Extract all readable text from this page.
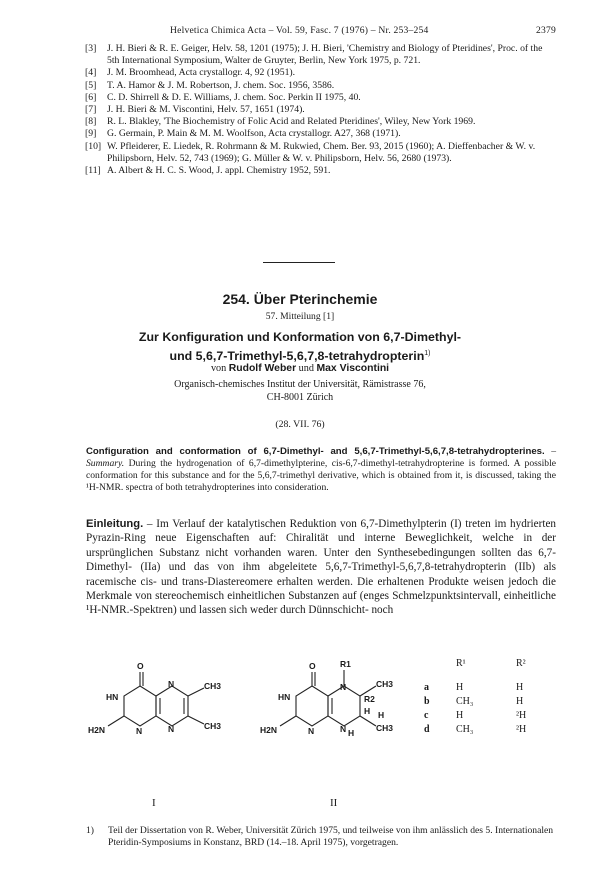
Helvetica Chimica Acta – Vol. 59, Fasc. 7 (1976) – Nr. 253–254	2379
[3] J. H. Bieri & R. E. Geiger, Helv. 58, 1201 (1975); J. H. Bieri, 'Chemistry and Biology of Pteridines', Proc. of the 5th International Symposium, Walter de Gruyter, Berlin, New York 1975, p. 721.
[4] J. M. Broomhead, Acta crystallogr. 4, 92 (1951).
[5] T. A. Hamor & J. M. Robertson, J. chem. Soc. 1956, 3586.
[6] C. D. Shirrell & D. E. Williams, J. chem. Soc. Perkin II 1975, 40.
[7] J. H. Bieri & M. Viscontini, Helv. 57, 1651 (1974).
[8] R. L. Blakley, 'The Biochemistry of Folic Acid and Related Pteridines', Wiley, New York 1969.
[9] G. Germain, P. Main & M. M. Woolfson, Acta crystallogr. A27, 368 (1971).
[10] W. Pfleiderer, E. Liedek, R. Rohrmann & M. Rukwied, Chem. Ber. 93, 2015 (1960); A. Dieffenbacher & W. v. Philipsborn, Helv. 52, 743 (1969); G. Müller & W. v. Philipsborn, Helv. 56, 2680 (1973).
[11] A. Albert & H. C. S. Wood, J. appl. Chemistry 1952, 591.
254. Über Pterinchemie
57. Mitteilung [1]
Zur Konfiguration und Konformation von 6,7-Dimethyl-
und 5,6,7-Trimethyl-5,6,7,8-tetrahydropterin$^{1)}$
von Rudolf Weber und Max Viscontini
Organisch-chemisches Institut der Universität, Rämistrasse 76,
CH-8001 Zürich
(28. VII. 76)
Configuration and conformation of 6,7-Dimethyl- and 5,6,7-Trimethyl-5,6,7,8-tetrahydropterines. – Summary. During the hydrogenation of 6,7-dimethylpterine, cis-6,7-dimethyl-tetrahydropterine is formed. A possible conformation for this substance and for the 5,6,7-trimethyl derivative, which is obtained from it, is discussed, taking the ¹H-NMR. spectra of both tetrahydropterines into consideration.
Einleitung. – Im Verlauf der katalytischen Reduktion von 6,7-Dimethylpterin (I) treten im hydrierten Pyrazin-Ring neue Eigenschaften auf: Chiralität und interne Beweglichkeit, welche in der ursprünglichen Substanz nicht vorhanden waren. Unter den Synthesebedingungen sollten das 6,7-Dimethyl- (IIa) und das von ihm abgeleitete 5,6,7-Trimethyl-5,6,7,8-tetrahydropterin (IIb) als racemische cis- und trans-Diastereomere erhalten werden. Die erhaltenen Produkte weisen jedoch die Merkmale von stereochemisch einheitlichen Substanzen auf (enges Schmelzpunktsintervall, einheitliche ¹H-NMR.-Spektren) und lassen sich weder durch Dünnschicht- noch
O
HN
N
N
H2N	N
CH3
CH3
O	R1
HN
N	CH3
R2
H
H
H2N	N	N	CH3
H
I	II
R¹	R²
a	H	H
b	CH₃	H
c	H	²H
d	CH₃	²H
1)	Teil der Dissertation von R. Weber, Universität Zürich 1975, und teilweise von ihm anlässlich des 5. Internationalen Pteridin-Symposiums in Konstanz, BRD (14.–18. April 1975), vorgetragen.
